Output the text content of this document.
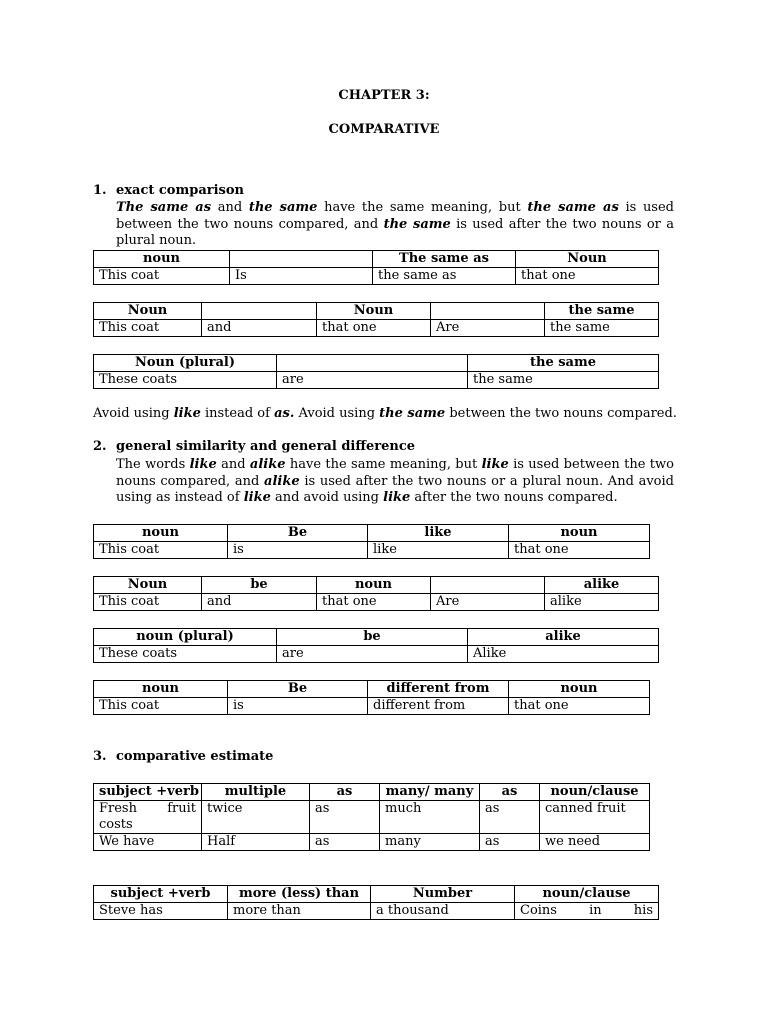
CHAPTER 3:
COMPARATIVE
1. exact comparison
The same as and the same have the same meaning, but the same as is used between the two nouns compared, and the same is used after the two nouns or a plural noun.
noun		The same as	Noun
This coat	Is	the same as	that one
Noun		Noun		the same
This coat	and	that one	Are	the same
Noun (plural)		the same
These coats	are	the same
Avoid using like instead of as. Avoid using the same between the two nouns compared.
2. general similarity and general difference
The words like and alike have the same meaning, but like is used between the two nouns compared, and alike is used after the two nouns or a plural noun. And avoid using as instead of like and avoid using like after the two nouns compared.
noun	Be	like	noun
This coat	is	like	that one
Noun	be	noun		alike
This coat	and	that one	Are	alike
noun (plural)	be	alike
These coats	are	Alike
noun	Be	different from	noun
This coat	is	different from	that one
3. comparative estimate
subject +verb	multiple	as	many/ many	as	noun/clause
Fresh fruit costs	twice	as	much	as	canned fruit
We have	Half	as	many	as	we need
subject +verb	more (less) than	Number	noun/clause
Steve has	more than	a thousand	Coins in his
